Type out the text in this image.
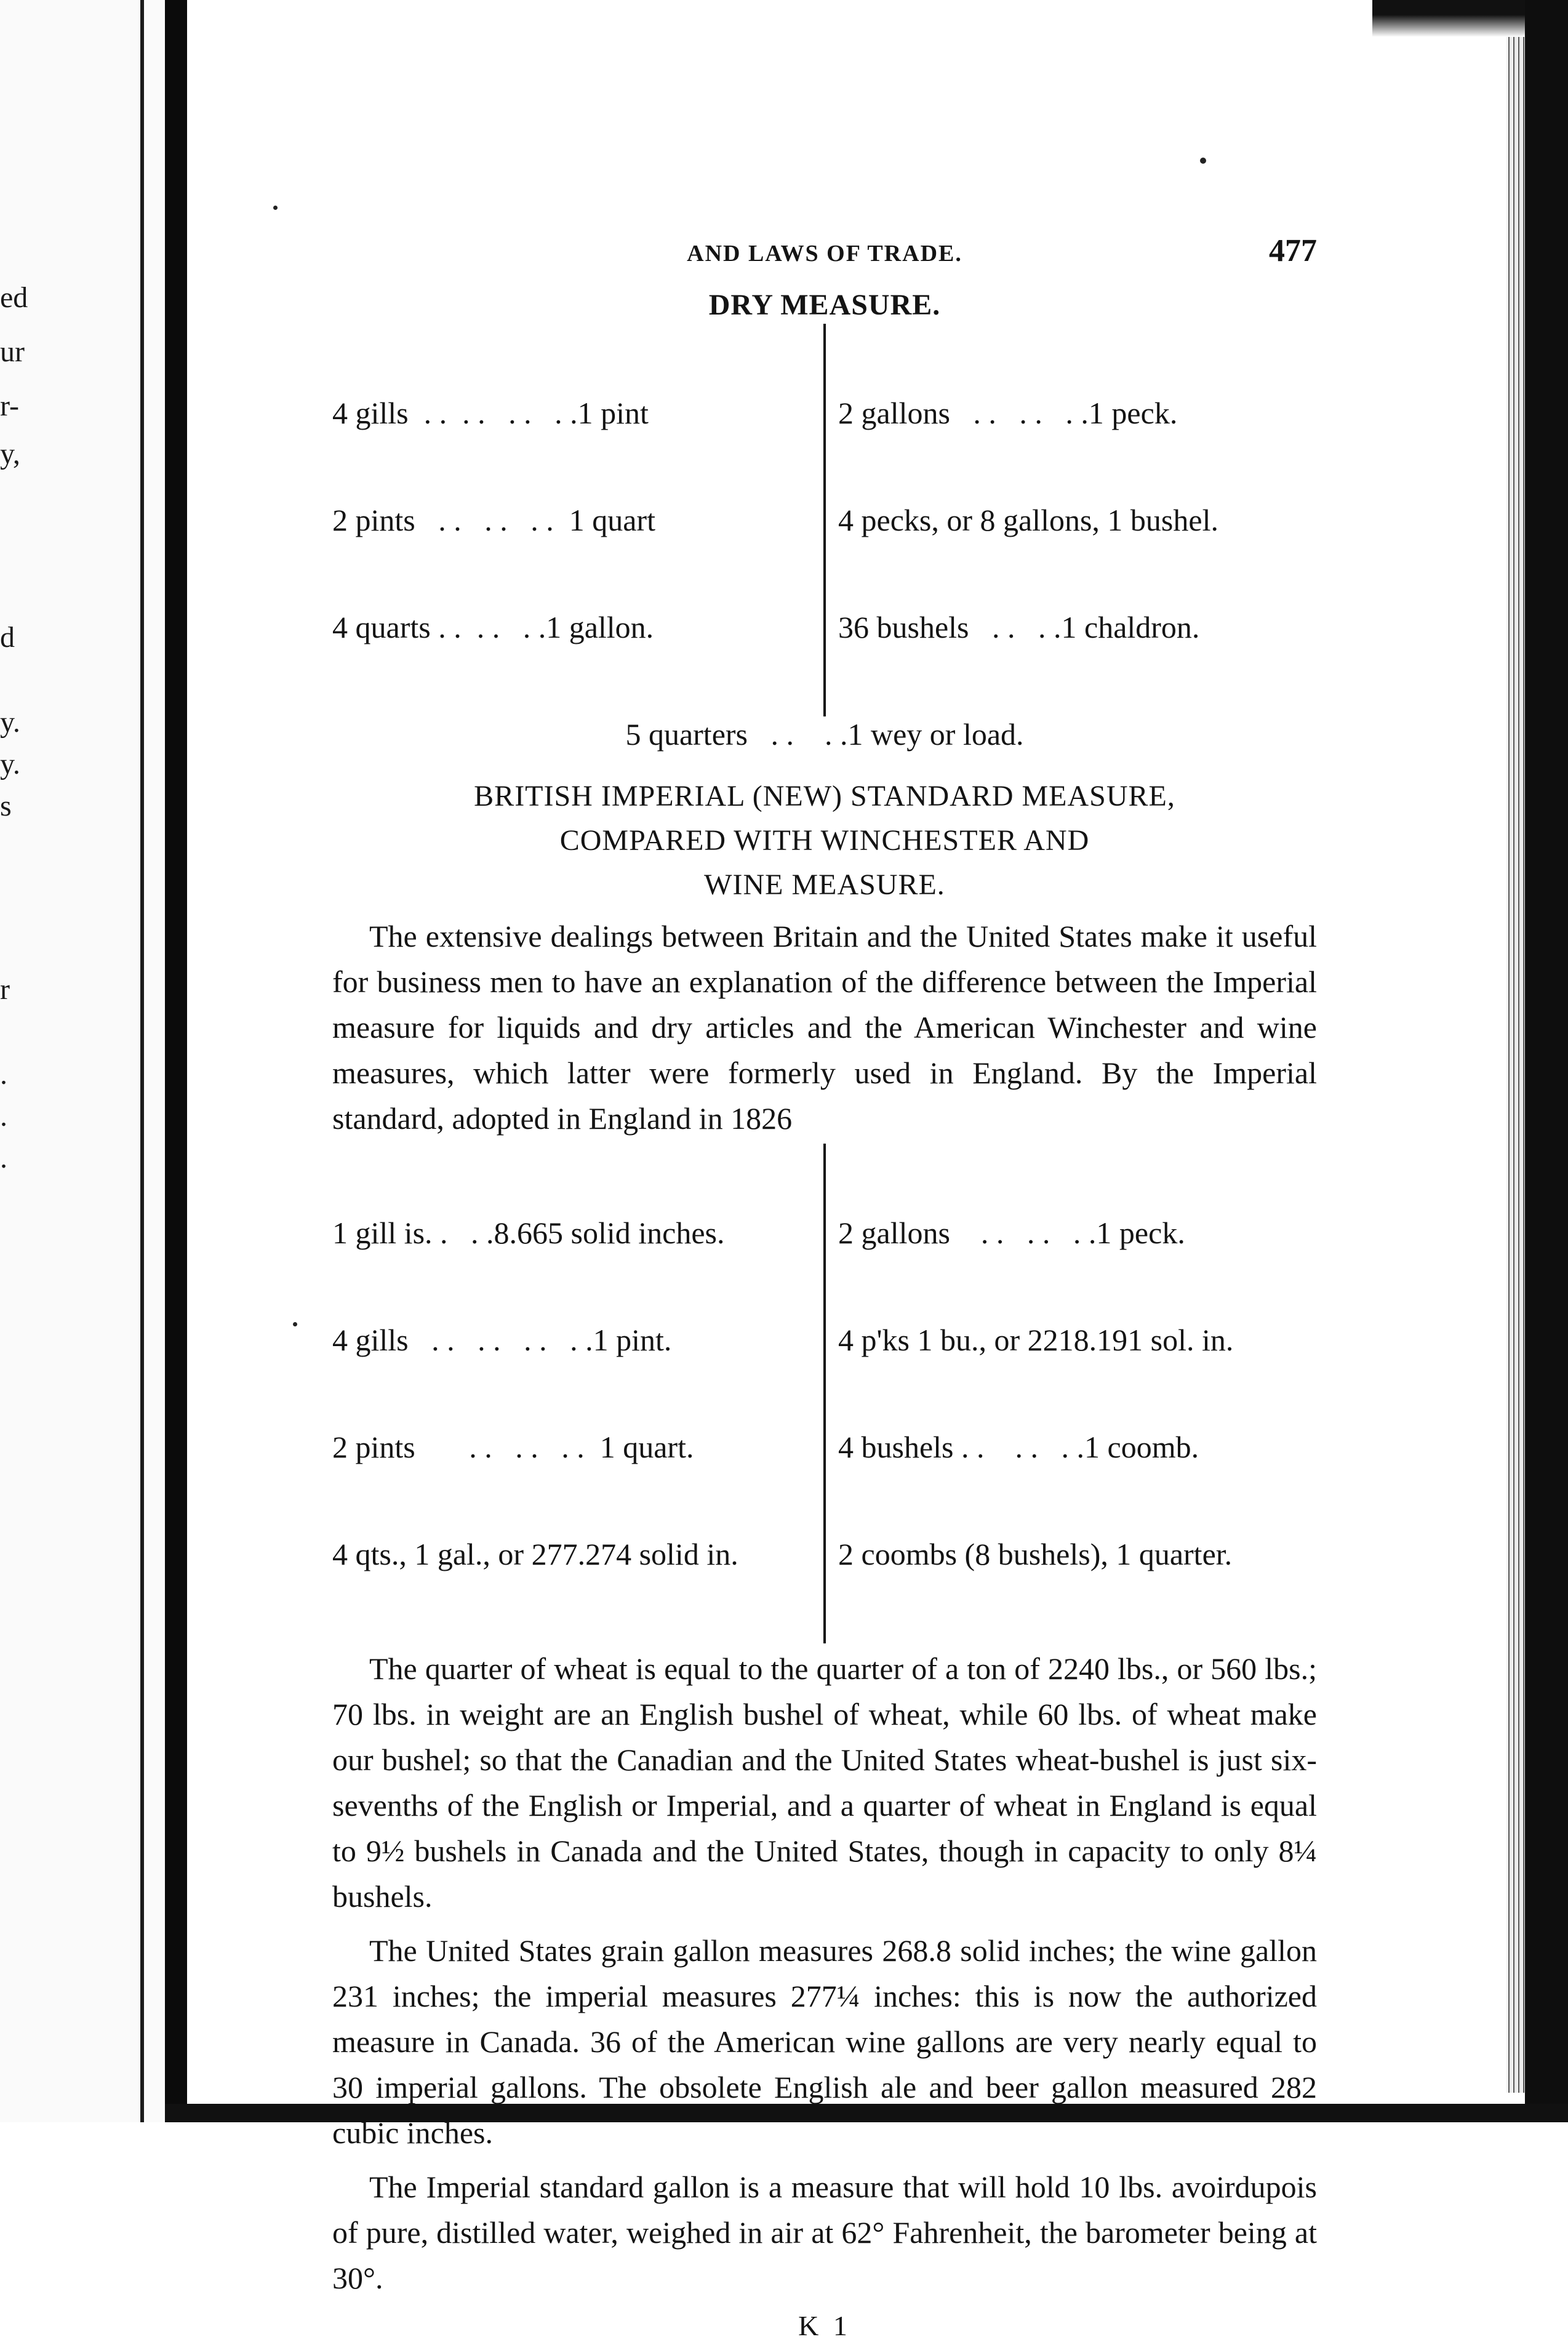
ed
ur
r-
y,
d
y.
y.
s
r
.
.
.
AND LAWS OF TRADE.	477
DRY MEASURE.

4 gills  . .  . .   . .   . .1 pint

2 pints   . .   . .   . .  1 quart

4 quarts . .  . .   . .1 gallon.

2 gallons   . .   . .   . .1 peck.

4 pecks, or 8 gallons, 1 bushel.

36 bushels   . .   . .1 chaldron.

5 quarters   . .    . .1 wey or load.
BRITISH IMPERIAL (NEW) STANDARD MEASURE,
COMPARED WITH WINCHESTER AND
WINE MEASURE.

The extensive dealings between Britain and the United States make it useful for business men to have an explanation of the difference between the Imperial measure for liquids and dry articles and the American Winchester and wine measures, which latter were formerly used in England. By the Imperial standard, adopted in England in 1826

1 gill is. .   . .8.665 solid inches.

4 gills   . .   . .   . .   . .1 pint.

2 pints       . .   . .   . .  1 quart.

4 qts., 1 gal., or 277.274 solid in.

2 gallons    . .   . .   . .1 peck.

4 p'ks 1 bu., or 2218.191 sol. in.

4 bushels . .    . .   . .1 coomb.

2 coombs (8 bushels), 1 quarter.

The quarter of wheat is equal to the quarter of a ton of 2240 lbs., or 560 lbs.; 70 lbs. in weight are an English bushel of wheat, while 60 lbs. of wheat make our bushel; so that the Canadian and the United States wheat-bushel is just six-sevenths of the English or Imperial, and a quarter of wheat in England is equal to 9½ bushels in Canada and the United States, though in capacity to only 8¼ bushels.

The United States grain gallon measures 268.8 solid inches; the wine gallon 231 inches; the imperial measures 277¼ inches: this is now the authorized measure in Canada. 36 of the American wine gallons are very nearly equal to 30 imperial gallons. The obsolete English ale and beer gallon measured 282 cubic inches.

The Imperial standard gallon is a measure that will hold 10 lbs. avoirdupois of pure, distilled water, weighed in air at 62° Fahrenheit, the barometer being at 30°.

K 1
